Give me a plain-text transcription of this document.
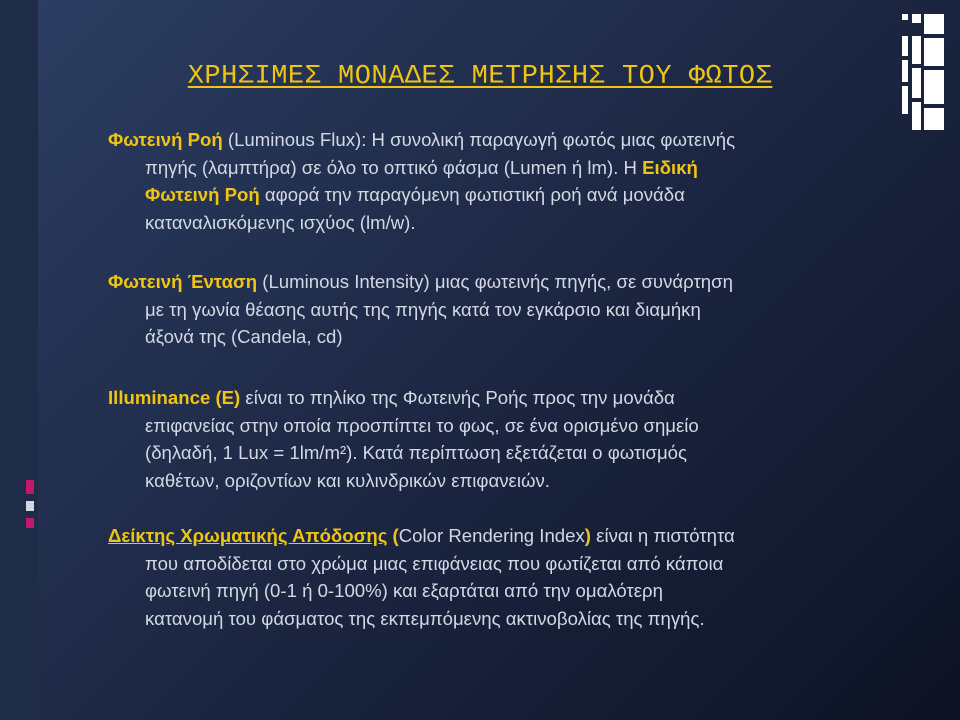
ΧΡΗΣΙΜΕΣ ΜΟΝΑΔΕΣ ΜΕΤΡΗΣΗΣ ΤΟΥ ΦΩΤΟΣ
Φωτεινή Ροή (Luminous Flux): Η συνολική παραγωγή φωτός μιας φωτεινής
πηγής (λαμπτήρα) σε όλο το οπτικό φάσμα (Lumen ή lm). Η Ειδική
Φωτεινή Ροή αφορά την παραγόμενη φωτιστική ροή ανά μονάδα
καταναλισκόμενης ισχύος (lm/w).
Φωτεινή Ένταση (Luminous Intensity) μιας φωτεινής πηγής, σε συνάρτηση
με τη γωνία θέασης αυτής της πηγής κατά τον εγκάρσιο και διαμήκη
άξονά της (Candela, cd)
Illuminance (E) είναι το πηλίκο της Φωτεινής Ροής προς την μονάδα
επιφανείας στην οποία προσπίπτει το φως, σε ένα ορισμένο σημείο
(δηλαδή, 1 Lux = 1lm/m²). Κατά περίπτωση εξετάζεται ο φωτισμός
καθέτων, οριζοντίων και κυλινδρικών επιφανειών.
Δείκτης Χρωματικής Απόδοσης (Color Rendering Index) είναι η πιστότητα
που αποδίδεται στο χρώμα μιας επιφάνειας που φωτίζεται από κάποια
φωτεινή πηγή (0-1 ή 0-100%) και εξαρτάται από την ομαλότερη
κατανομή του φάσματος της εκπεμπόμενης ακτινοβολίας της πηγής.
